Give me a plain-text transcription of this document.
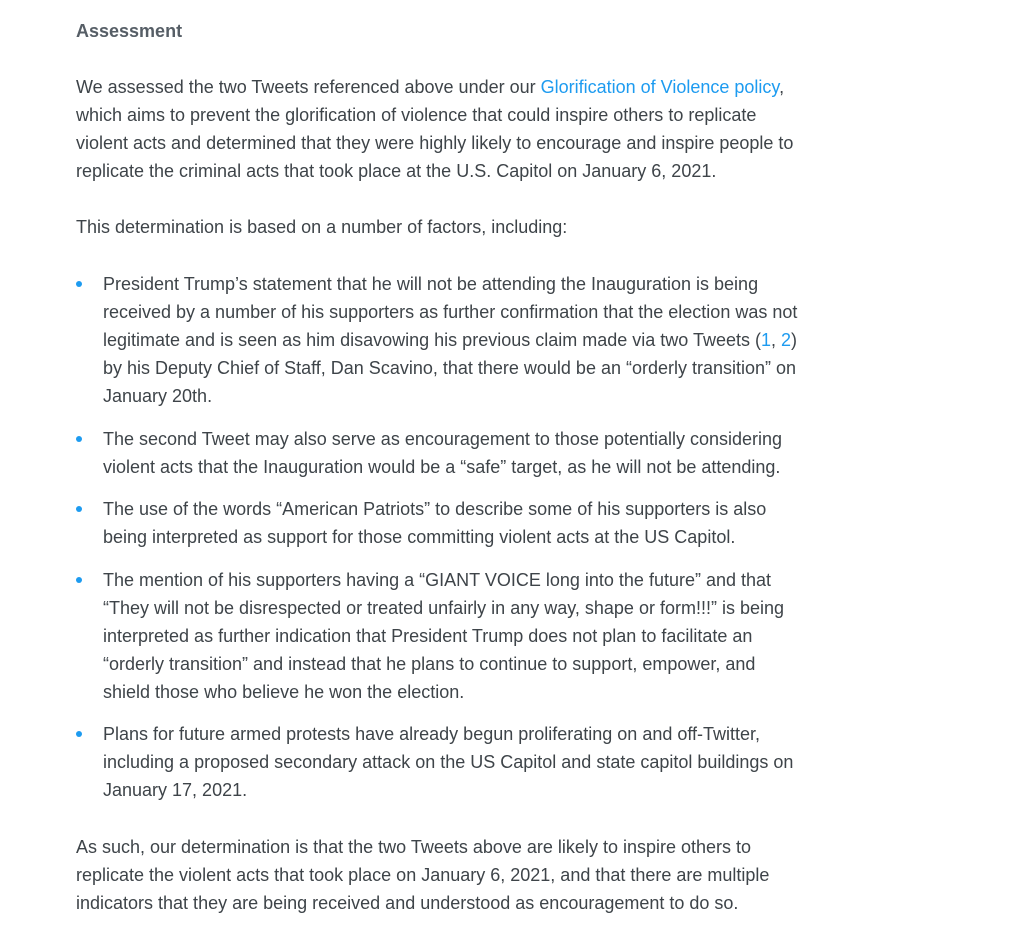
Assessment

We assessed the two Tweets referenced above under our Glorification of Violence policy,
which aims to prevent the glorification of violence that could inspire others to replicate
violent acts and determined that they were highly likely to encourage and inspire people to
replicate the criminal acts that took place at the U.S. Capitol on January 6, 2021.

This determination is based on a number of factors, including:

President Trump’s statement that he will not be attending the Inauguration is being
received by a number of his supporters as further confirmation that the election was not
legitimate and is seen as him disavowing his previous claim made via two Tweets (1, 2)
by his Deputy Chief of Staff, Dan Scavino, that there would be an “orderly transition” on
January 20th.
The second Tweet may also serve as encouragement to those potentially considering
violent acts that the Inauguration would be a “safe” target, as he will not be attending.
The use of the words “American Patriots” to describe some of his supporters is also
being interpreted as support for those committing violent acts at the US Capitol.
The mention of his supporters having a “GIANT VOICE long into the future” and that
“They will not be disrespected or treated unfairly in any way, shape or form!!!” is being
interpreted as further indication that President Trump does not plan to facilitate an
“orderly transition” and instead that he plans to continue to support, empower, and
shield those who believe he won the election.
Plans for future armed protests have already begun proliferating on and off-Twitter,
including a proposed secondary attack on the US Capitol and state capitol buildings on
January 17, 2021.

As such, our determination is that the two Tweets above are likely to inspire others to
replicate the violent acts that took place on January 6, 2021, and that there are multiple
indicators that they are being received and understood as encouragement to do so.
